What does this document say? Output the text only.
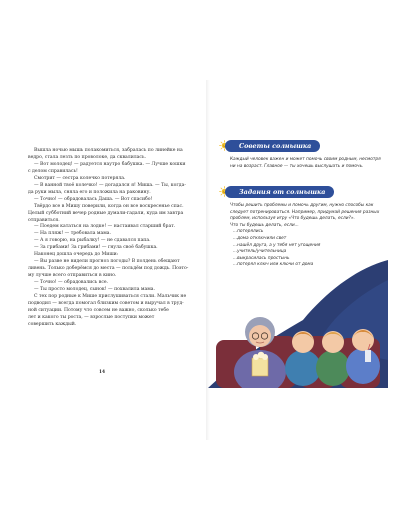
Вышла ночью мышь полакомиться, забралась по линейке на

ведро, стала лезть по проволоке, да сквалилась.

— Вот молодец! — радуется наутро бабушка. — Лучше кошки

с делом справилась!

Смотрит — сестра колечко потеряла.

— В ванной твоё колечко! — догадался я! Миша. — Ты, когда-

да руки мыла, сняла его и положила на раковину.

— Точно! — обрадовалась Даша. — Вот спасибо!

Твёрдо все в Мишу поверили, когда он все воскресенье спас.

Целый субботний вечер родные думали-гадали, куда им завтра

отправиться.

— Поедем кататься на лодке! — настаивал старший брат.

— На пляж! — требовала мама.

— А я говорю, на рыбалку! — не сдавался папа.

— За грибами! За грибами! — гнула своё бабушка.

Наконец дошла очередь до Миши:

— Вы разве не видели прогноз погоды? В полдень обещают

ливень. Только доберёмся до места — польдём под дождь. Поэто-

му лучше всего отправиться в кино.

— Точно! — обрадовались все.

— Ты просто молодец, сынок! — похвалила мама.

С тех пор родные к Мише прислушиваться стали. Мальчик не

подводил — всегда помогал близким советом и выручал в труд-

ной ситуации. Потому что совсем не важно, сколько тебе

лет и какого ты роста, — взрослые поступки может

совершить каждый.

14
Советы солнышка
Каждый человек важен и может помочь своим родным, несмотря
ни на возраст. Главное — ты хочешь выслушать и помочь.
Задания от солнышка
Чтобы решить проблемы и помочь другим, нужно способы как
следует потренироваться. Например, придумай решения разных
проблем, используя игру «Что будешь делать, если?».
Что ты будешь делать, если...
...потерялись
...дома отключили свет
...нашёл друга, а у тебя нет угощения
...учитель/учительница
...выкрасилась простынь
...потерял ключ или ключи от дома
